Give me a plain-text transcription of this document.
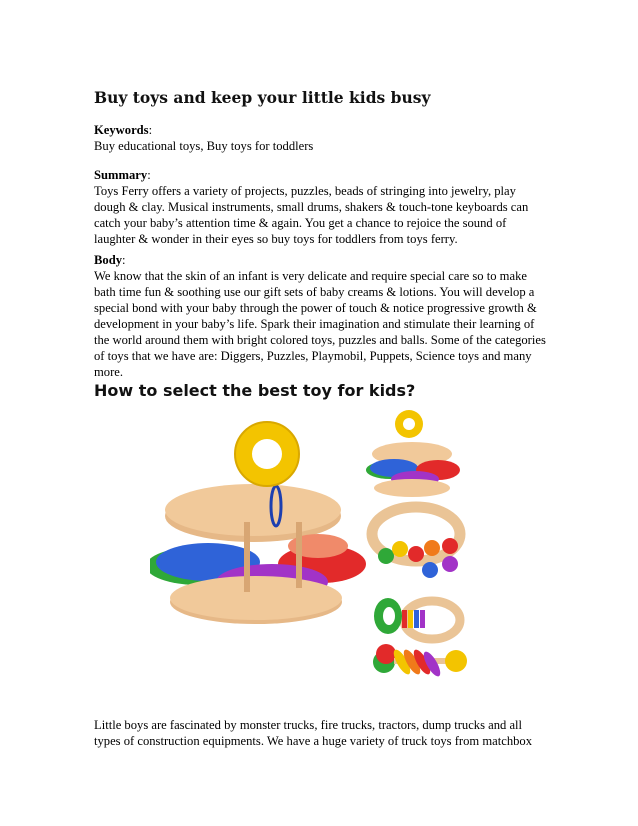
Buy toys and keep your little kids busy
Keywords:
Buy educational toys, Buy toys for toddlers
Summary:
Toys Ferry offers a variety of projects, puzzles, beads of stringing into jewelry, play
dough & clay. Musical instruments, small drums, shakers & touch-tone keyboards can
catch your baby’s attention time & again. You get a chance to rejoice the sound of
laughter & wonder in their eyes so buy toys for toddlers from toys ferry.
Body:
We know that the skin of an infant is very delicate and require special care so to make
bath time fun & soothing use our gift sets of baby creams & lotions. You will develop a
special bond with your baby through the power of touch & notice progressive growth &
development in your baby’s life. Spark their imagination and stimulate their learning of
the world around them with bright colored toys, puzzles and balls. Some of the categories
of toys that we have are: Diggers, Puzzles, Playmobil, Puppets, Science toys and many
more.
How to select the best toy for kids?
Little boys are fascinated by monster trucks, fire trucks, tractors, dump trucks and all
types of construction equipments. We have a huge variety of truck toys from matchbox
